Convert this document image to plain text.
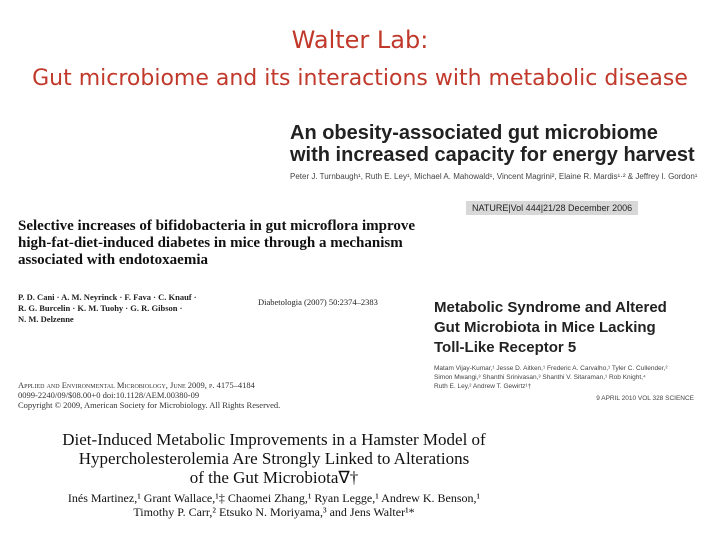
Walter Lab:
Gut microbiome and its interactions with metabolic disease
An obesity-associated gut microbiome with increased capacity for energy harvest
Peter J. Turnbaugh¹, Ruth E. Ley¹, Michael A. Mahowald¹, Vincent Magrini², Elaine R. Mardis¹·² & Jeffrey I. Gordon¹
NATURE|Vol 444|21/28 December 2006
Selective increases of bifidobacteria in gut microflora improve high-fat-diet-induced diabetes in mice through a mechanism associated with endotoxaemia
P. D. Cani · A. M. Neyrinck · F. Fava · C. Knauf ·
R. G. Burcelin · K. M. Tuohy · G. R. Gibson ·
N. M. Delzenne
Diabetologia (2007) 50:2374–2383	Metabolic Syndrome and Altered
Gut Microbiota in Mice Lacking
Toll-Like Receptor 5
Matam Vijay-Kumar,¹ Jesse D. Aitken,¹ Frederic A. Carvalho,¹ Tyler C. Cullender,²
Simon Mwangi,³ Shanthi Srinivasan,³ Shanthi V. Sitaraman,¹ Rob Knight,⁴
Ruth E. Ley,² Andrew T. Gewirtz¹†
9 APRIL 2010 VOL 328 SCIENCE
Applied and Environmental Microbiology, June 2009, p. 4175–4184
0099-2240/09/$08.00+0 doi:10.1128/AEM.00380-09
Copyright © 2009, American Society for Microbiology. All Rights Reserved.
Diet-Induced Metabolic Improvements in a Hamster Model of
Hypercholesterolemia Are Strongly Linked to Alterations
of the Gut Microbiota∇†
Inés Martinez,¹ Grant Wallace,¹‡ Chaomei Zhang,¹ Ryan Legge,¹ Andrew K. Benson,¹
Timothy P. Carr,² Etsuko N. Moriyama,³ and Jens Walter¹*
